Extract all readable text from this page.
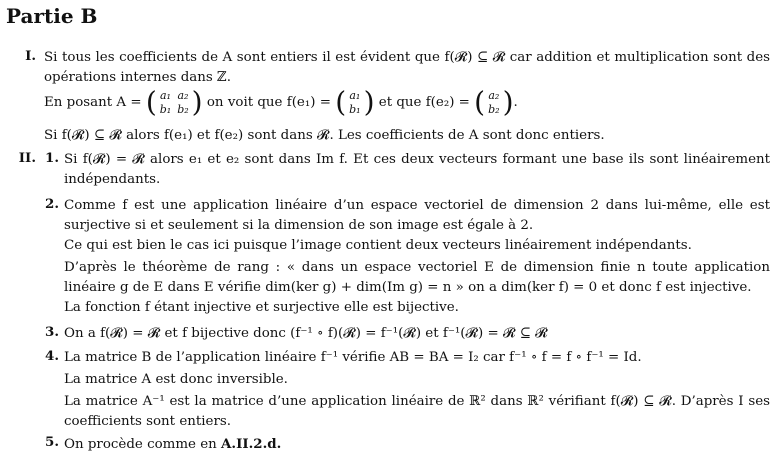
Partie B
I. Si tous les coefficients de A sont entiers il est évident que f(𝓡) ⊆ 𝓡 car addition et multiplication sont des opérations internes dans ℤ.

En posant A = ( a₁	a₂
b₁	b₂ ) on voit que f(e₁) = ( a₁
b₁ ) et que f(e₂) = ( a₂
b₂ ).

Si f(𝓡) ⊆ 𝓡 alors f(e₁) et f(e₂) sont dans 𝓡. Les coefficients de A sont donc entiers.

II. 1. Si f(𝓡) = 𝓡 alors e₁ et e₂ sont dans Im f. Et ces deux vecteurs formant une base ils sont linéairement indépendants.

2. Comme f est une application linéaire d’un espace vectoriel de dimension 2 dans lui-même, elle est surjective si et seulement si la dimension de son image est égale à 2.

Ce qui est bien le cas ici puisque l’image contient deux vecteurs linéairement indépendants.

D’après le théorème de rang : « dans un espace vectoriel E de dimension finie n toute application linéaire g de E dans E vérifie dim(ker g) + dim(Im g) = n » on a dim(ker f) = 0 et donc f est injective.

La fonction f étant injective et surjective elle est bijective.

3. On a f(𝓡) = 𝓡 et f bijective donc (f⁻¹ ∘ f)(𝓡) = f⁻¹(𝓡) et f⁻¹(𝓡) = 𝓡 ⊆ 𝓡

4. La matrice B de l’application linéaire f⁻¹ vérifie AB = BA = I₂ car f⁻¹ ∘ f = f ∘ f⁻¹ = Id.

La matrice A est donc inversible.

La matrice A⁻¹ est la matrice d’une application linéaire de ℝ² dans ℝ² vérifiant f(𝓡) ⊆ 𝓡. D’après I ses coefficients sont entiers.

5. On procède comme en A.II.2.d.
